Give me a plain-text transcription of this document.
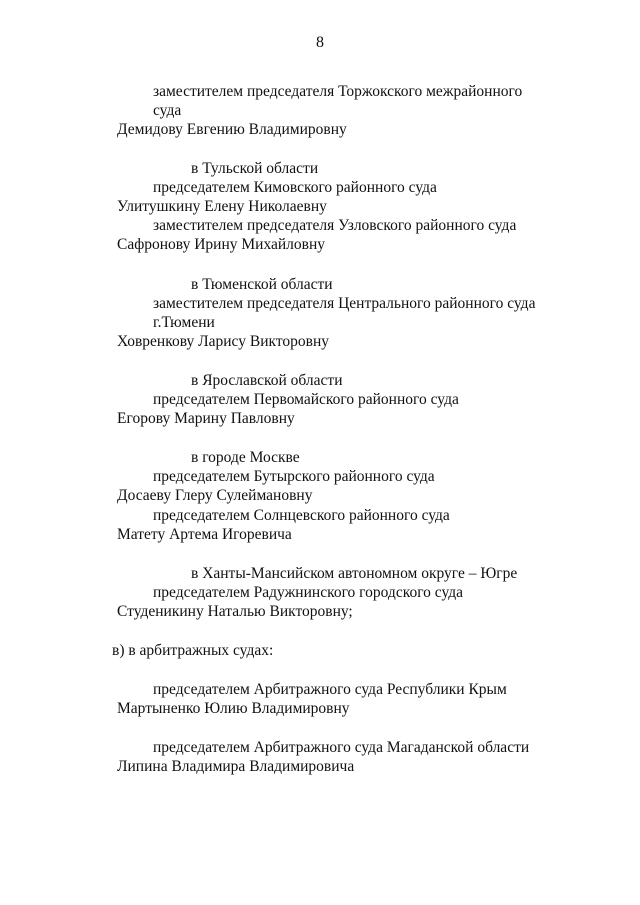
8
заместителем председателя Торжокского межрайонного
суда
Демидову Евгению Владимировну
в Тульской области
председателем Кимовского районного суда
Улитушкину Елену Николаевну
заместителем председателя Узловского районного суда
Сафронову Ирину Михайловну
в Тюменской области
заместителем председателя Центрального районного суда
г.Тюмени
Ховренкову Ларису Викторовну
в Ярославской области
председателем Первомайского районного суда
Егорову Марину Павловну
в городе Москве
председателем Бутырского районного суда
Досаеву Глеру Сулеймановну
председателем Солнцевского районного суда
Матету Артема Игоревича
в Ханты-Мансийском автономном округе – Югре
председателем Радужнинского городского суда
Студеникину Наталью Викторовну;
в) в арбитражных судах:
председателем Арбитражного суда Республики Крым
Мартыненко Юлию Владимировну
председателем Арбитражного суда Магаданской области
Липина Владимира Владимировича
